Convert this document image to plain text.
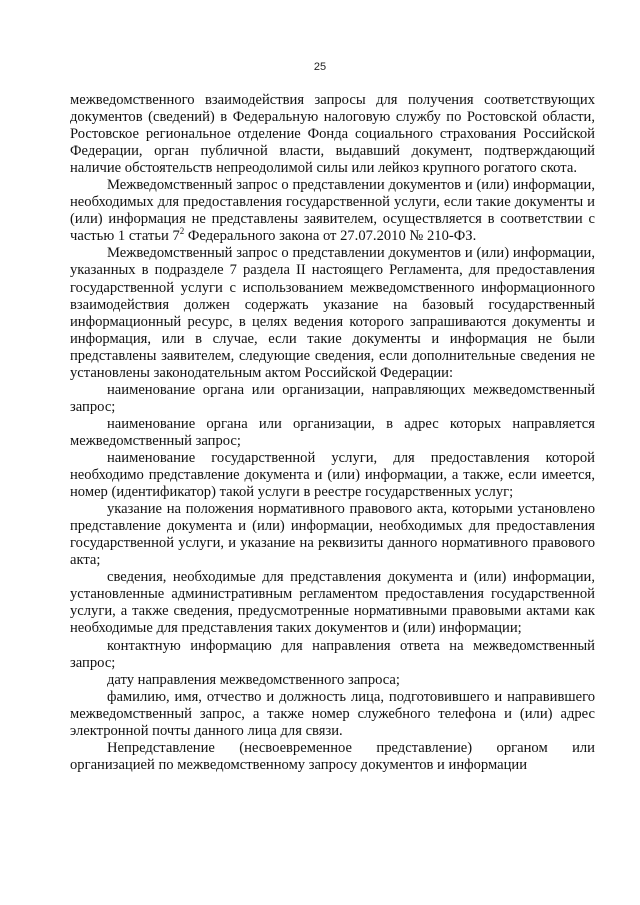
25

межведомственного взаимодействия запросы для получения соответствующих документов (сведений) в Федеральную налоговую службу по Ростовской области, Ростовское региональное отделение Фонда социального страхования Российской Федерации, орган публичной власти, выдавший документ, подтверждающий наличие обстоятельств непреодолимой силы или лейкоз крупного рогатого скота.

Межведомственный запрос о представлении документов и (или) информации, необходимых для предоставления государственной услуги, если такие документы и (или) информация не представлены заявителем, осуществляется в соответствии с частью 1 статьи $7^2$ Федерального закона от 27.07.2010 № 210-ФЗ.

Межведомственный запрос о представлении документов и (или) информации, указанных в подразделе 7 раздела II настоящего Регламента, для предоставления государственной услуги с использованием межведомственного информационного взаимодействия должен содержать указание на базовый государственный информационный ресурс, в целях ведения которого запрашиваются документы и информация, или в случае, если такие документы и информация не были представлены заявителем, следующие сведения, если дополнительные сведения не установлены законодательным актом Российской Федерации:

наименование органа или организации, направляющих межведомственный запрос;

наименование органа или организации, в адрес которых направляется межведомственный запрос;

наименование государственной услуги, для предоставления которой необходимо представление документа и (или) информации, а также, если имеется, номер (идентификатор) такой услуги в реестре государственных услуг;

указание на положения нормативного правового акта, которыми установлено представление документа и (или) информации, необходимых для предоставления государственной услуги, и указание на реквизиты данного нормативного правового акта;

сведения, необходимые для представления документа и (или) информации, установленные административным регламентом предоставления государственной услуги, а также сведения, предусмотренные нормативными правовыми актами как необходимые для представления таких документов и (или) информации;

контактную информацию для направления ответа на межведомственный запрос;

дату направления межведомственного запроса;

фамилию, имя, отчество и должность лица, подготовившего и направившего межведомственный запрос, а также номер служебного телефона и (или) адрес электронной почты данного лица для связи.

Непредставление (несвоевременное представление) органом или организацией по межведомственному запросу документов и информации
